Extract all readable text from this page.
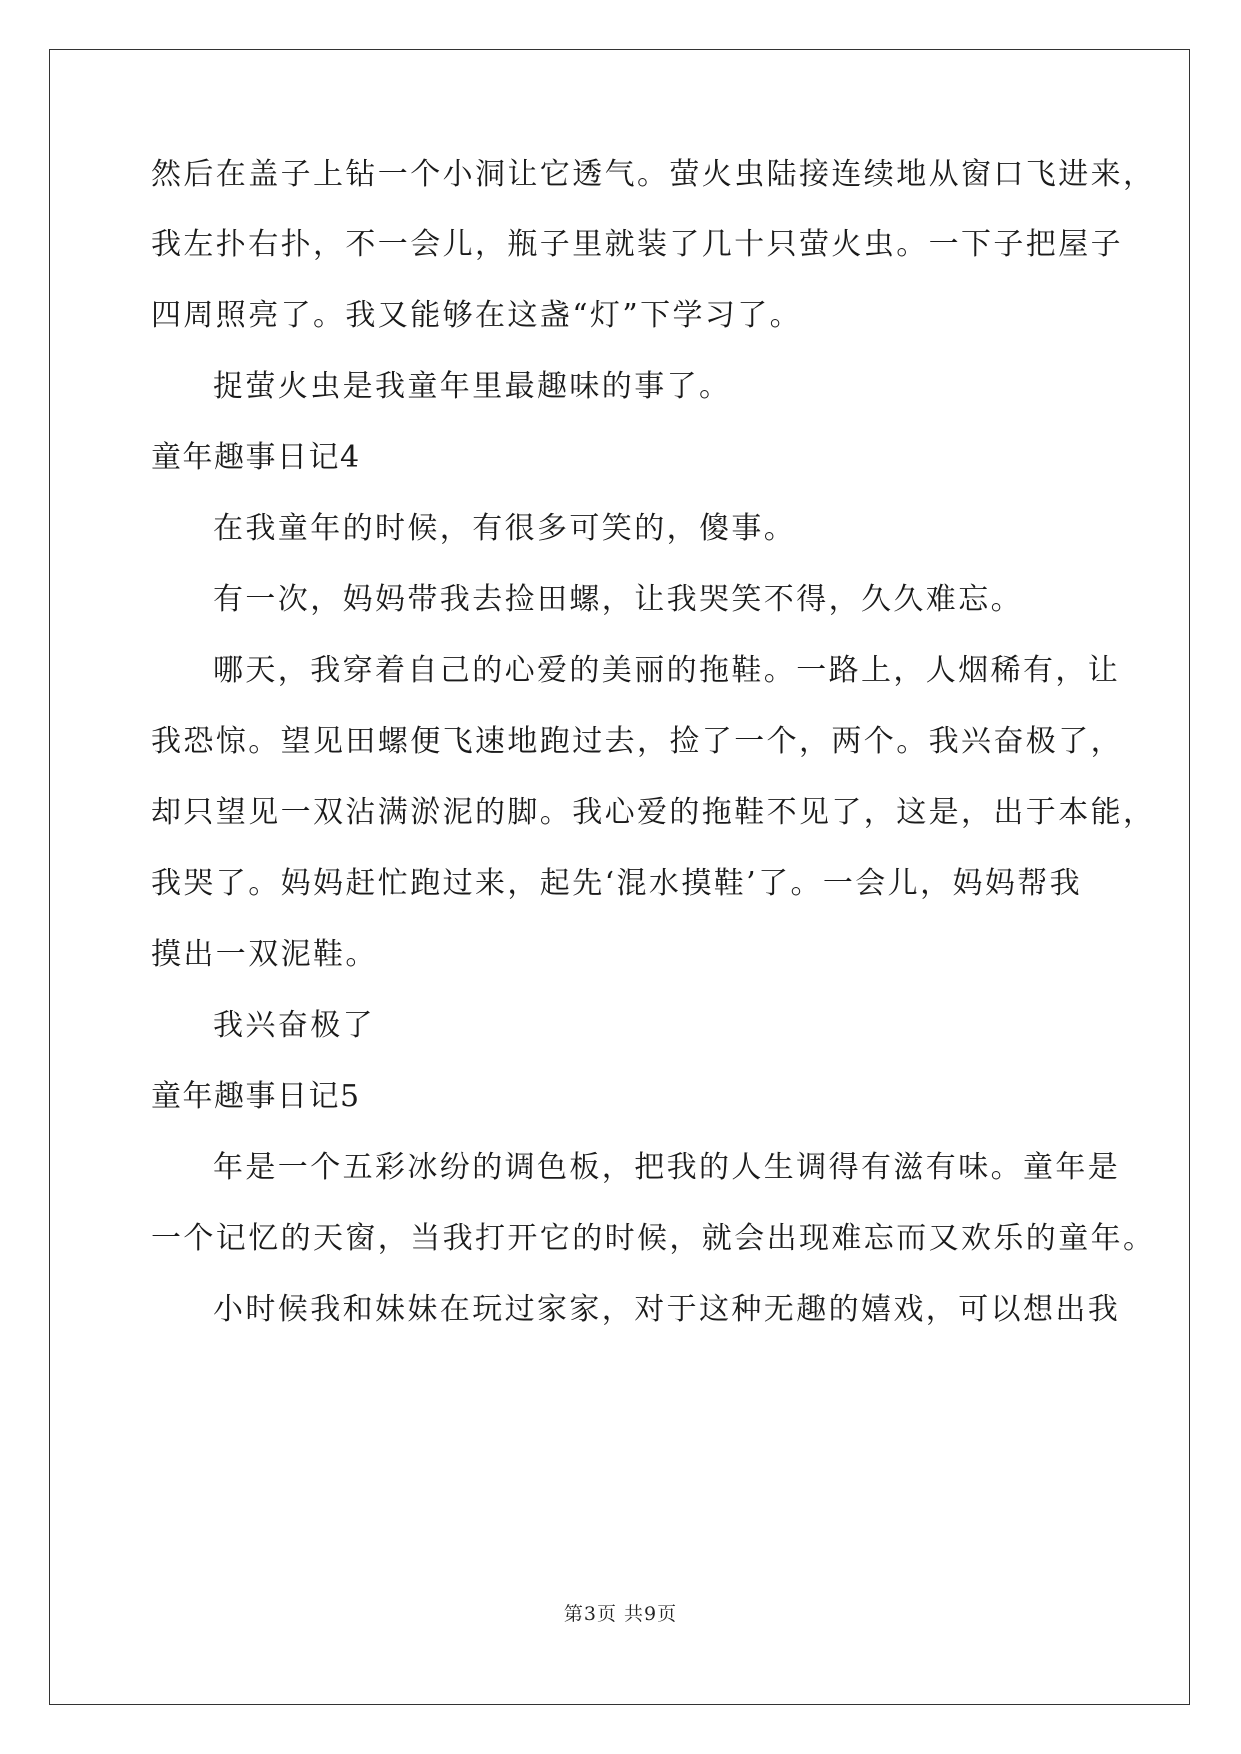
然后在盖子上钻一个小洞让它透气。萤火虫陆接连续地从窗口飞进来，
我左扑右扑，不一会儿，瓶子里就装了几十只萤火虫。一下子把屋子
四周照亮了。我又能够在这盏“灯”下学习了。
捉萤火虫是我童年里最趣味的事了。
童年趣事日记4
在我童年的时候，有很多可笑的，傻事。
有一次，妈妈带我去捡田螺，让我哭笑不得，久久难忘。
哪天，我穿着自己的心爱的美丽的拖鞋。一路上，人烟稀有，让
我恐惊。望见田螺便飞速地跑过去，捡了一个，两个。我兴奋极了，
却只望见一双沾满淤泥的脚。我心爱的拖鞋不见了，这是，出于本能，
我哭了。妈妈赶忙跑过来，起先‘混水摸鞋’了。一会儿，妈妈帮我
摸出一双泥鞋。
我兴奋极了
童年趣事日记5
年是一个五彩冰纷的调色板，把我的人生调得有滋有味。童年是
一个记忆的天窗，当我打开它的时候，就会出现难忘而又欢乐的童年。
小时候我和妹妹在玩过家家，对于这种无趣的嬉戏，可以想出我
第3页 共9页
